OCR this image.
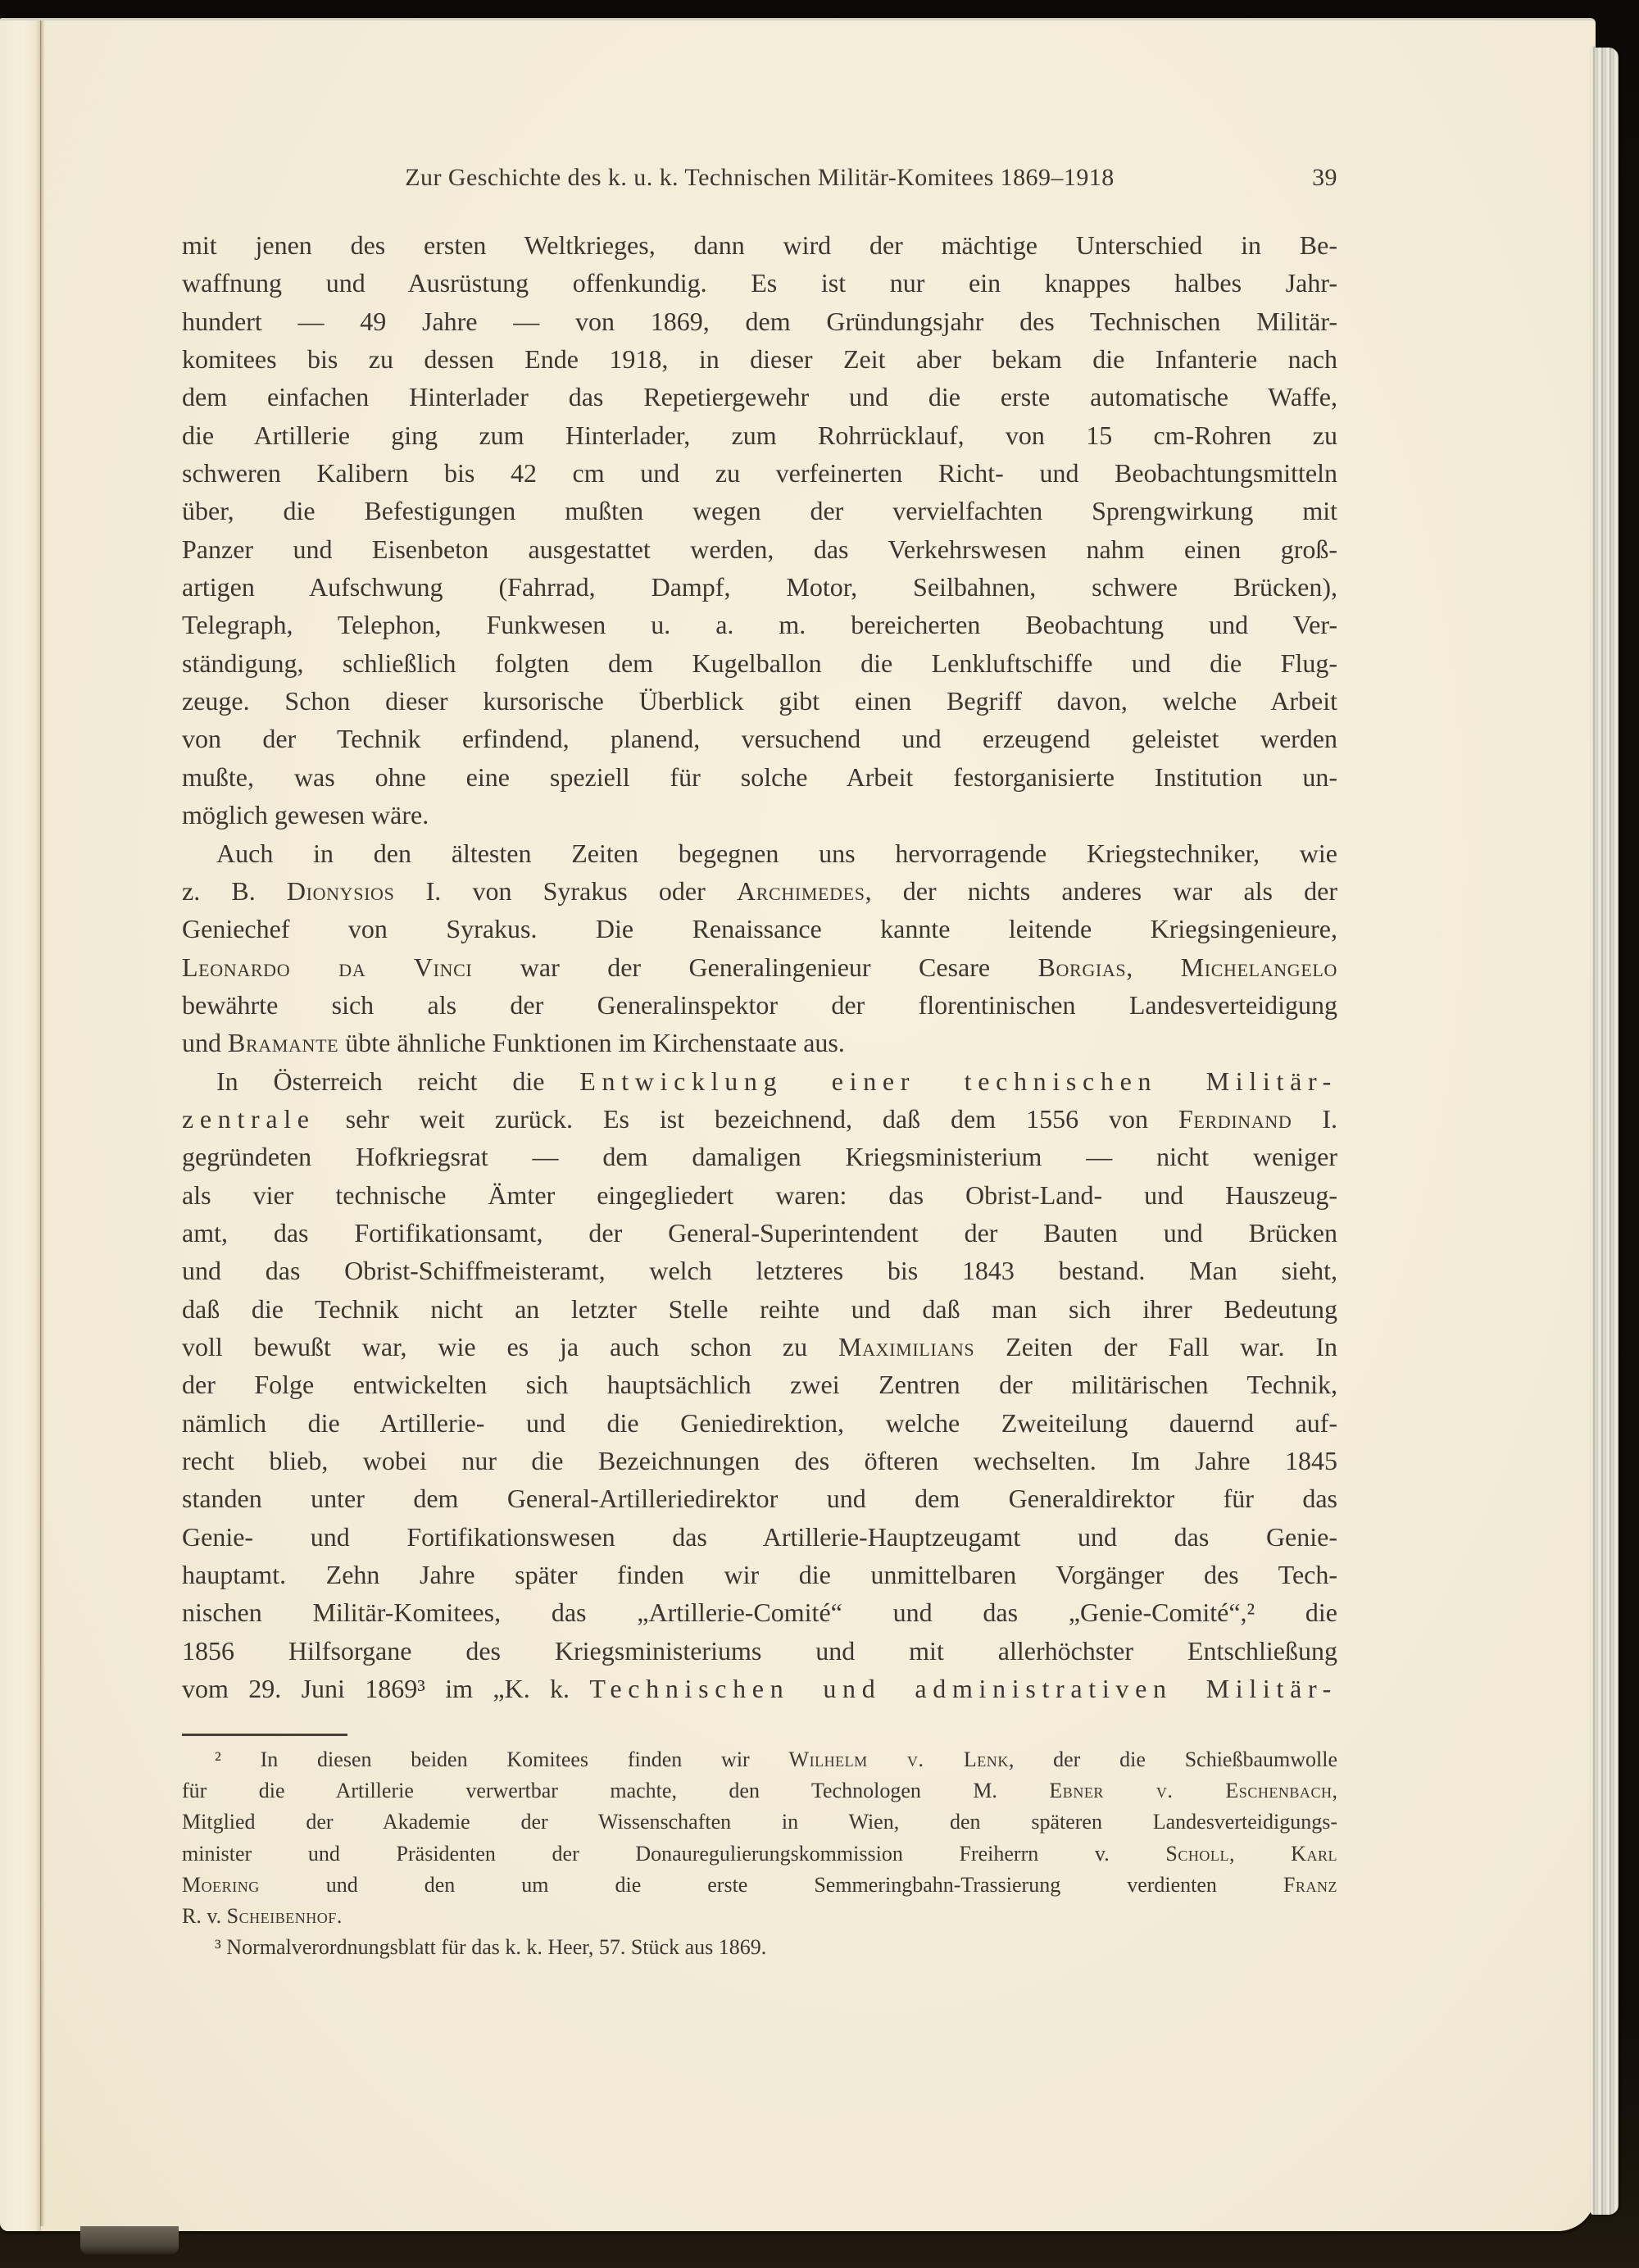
Zur Geschichte des k. u. k. Technischen Militär-Komitees 1869–1918	39
mit jenen des ersten Weltkrieges, dann wird der mächtige Unterschied in Be-
waffnung und Ausrüstung offenkundig. Es ist nur ein knappes halbes Jahr-
hundert — 49 Jahre — von 1869, dem Gründungsjahr des Technischen Militär-
komitees bis zu dessen Ende 1918, in dieser Zeit aber bekam die Infanterie nach
dem einfachen Hinterlader das Repetiergewehr und die erste automatische Waffe,
die Artillerie ging zum Hinterlader, zum Rohrrücklauf, von 15 cm-Rohren zu
schweren Kalibern bis 42 cm und zu verfeinerten Richt- und Beobachtungsmitteln
über, die Befestigungen mußten wegen der vervielfachten Sprengwirkung mit
Panzer und Eisenbeton ausgestattet werden, das Verkehrswesen nahm einen groß-
artigen Aufschwung (Fahrrad, Dampf, Motor, Seilbahnen, schwere Brücken),
Telegraph, Telephon, Funkwesen u. a. m. bereicherten Beobachtung und Ver-
ständigung, schließlich folgten dem Kugelballon die Lenkluftschiffe und die Flug-
zeuge. Schon dieser kursorische Überblick gibt einen Begriff davon, welche Arbeit
von der Technik erfindend, planend, versuchend und erzeugend geleistet werden
mußte, was ohne eine speziell für solche Arbeit festorganisierte Institution un-
möglich gewesen wäre.
Auch in den ältesten Zeiten begegnen uns hervorragende Kriegstechniker, wie
z. B. Dionysios I. von Syrakus oder Archimedes, der nichts anderes war als der
Geniechef von Syrakus. Die Renaissance kannte leitende Kriegsingenieure,
Leonardo da Vinci war der Generalingenieur Cesare Borgias, Michelangelo
bewährte sich als der Generalinspektor der florentinischen Landesverteidigung
und Bramante übte ähnliche Funktionen im Kirchenstaate aus.
In Österreich reicht die Entwicklung einer technischen Militär-
zentrale sehr weit zurück. Es ist bezeichnend, daß dem 1556 von Ferdinand I.
gegründeten Hofkriegsrat — dem damaligen Kriegsministerium — nicht weniger
als vier technische Ämter eingegliedert waren: das Obrist-Land- und Hauszeug-
amt, das Fortifikationsamt, der General-Superintendent der Bauten und Brücken
und das Obrist-Schiffmeisteramt, welch letzteres bis 1843 bestand. Man sieht,
daß die Technik nicht an letzter Stelle reihte und daß man sich ihrer Bedeutung
voll bewußt war, wie es ja auch schon zu Maximilians Zeiten der Fall war. In
der Folge entwickelten sich hauptsächlich zwei Zentren der militärischen Technik,
nämlich die Artillerie- und die Geniedirektion, welche Zweiteilung dauernd auf-
recht blieb, wobei nur die Bezeichnungen des öfteren wechselten. Im Jahre 1845
standen unter dem General-Artilleriedirektor und dem Generaldirektor für das
Genie- und Fortifikationswesen das Artillerie-Hauptzeugamt und das Genie-
hauptamt. Zehn Jahre später finden wir die unmittelbaren Vorgänger des Tech-
nischen Militär-Komitees, das „Artillerie-Comité“ und das „Genie-Comité“,² die
1856 Hilfsorgane des Kriegsministeriums und mit allerhöchster Entschließung
vom 29. Juni 1869³ im „K. k. Technischen und administrativen Militär-
² In diesen beiden Komitees finden wir Wilhelm v. Lenk, der die Schießbaumwolle
für die Artillerie verwertbar machte, den Technologen M. Ebner v. Eschenbach,
Mitglied der Akademie der Wissenschaften in Wien, den späteren Landesverteidigungs-
minister und Präsidenten der Donauregulierungskommission Freiherrn v. Scholl, Karl
Moering und den um die erste Semmeringbahn-Trassierung verdienten Franz
R. v. Scheibenhof.
³ Normalverordnungsblatt für das k. k. Heer, 57. Stück aus 1869.
